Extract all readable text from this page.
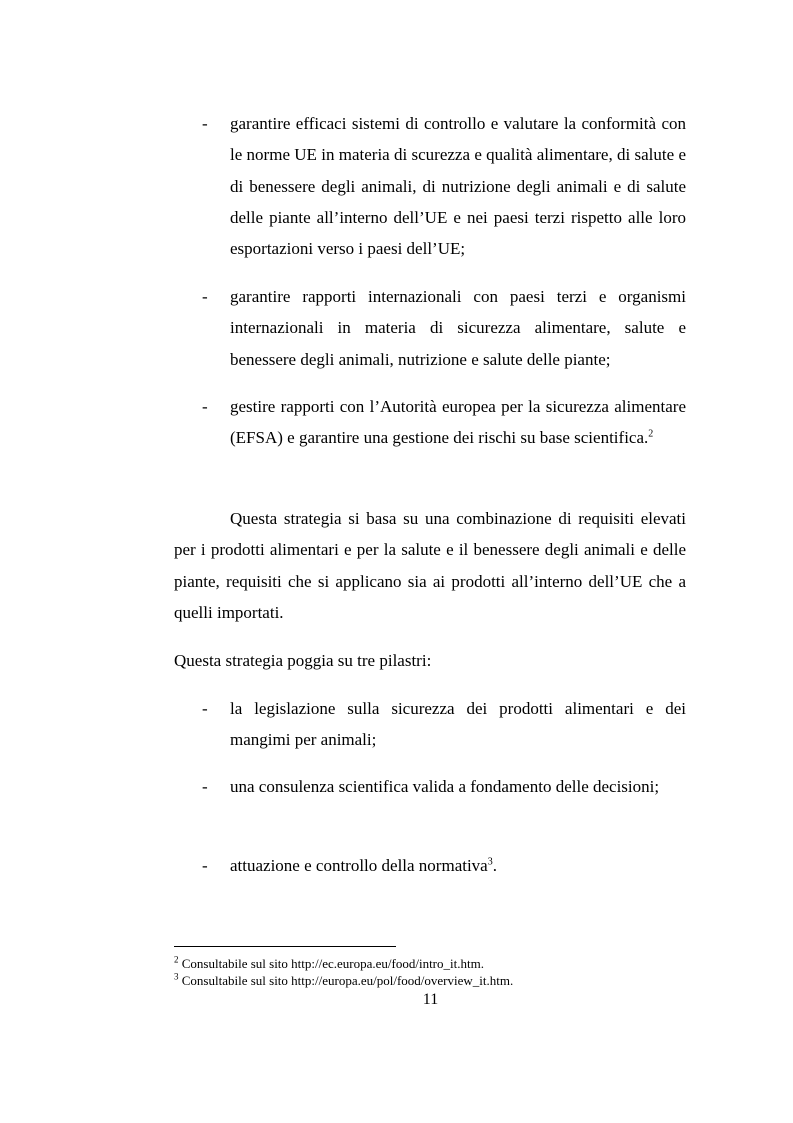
- garantire efficaci sistemi di controllo e valutare la conformità con le norme UE in materia di scurezza e qualità alimentare, di salute e di benessere degli animali, di nutrizione degli animali e di salute delle piante all’interno dell’UE e nei paesi terzi rispetto alle loro esportazioni verso i paesi dell’UE;
- garantire rapporti internazionali con paesi terzi e organismi internazionali in materia di sicurezza alimentare, salute e benessere degli animali, nutrizione e salute delle piante;
- gestire rapporti con l’Autorità europea per la sicurezza alimentare (EFSA) e garantire una gestione dei rischi su base scientifica.$^2$
Questa strategia si basa su una combinazione di requisiti elevati per i prodotti alimentari e per la salute e il benessere degli animali e delle piante, requisiti che si applicano sia ai prodotti all’interno dell’UE che a quelli importati.
Questa strategia poggia su tre pilastri:
- la legislazione sulla sicurezza dei prodotti alimentari e dei mangimi per animali;
- una consulenza scientifica valida a fondamento delle decisioni;
- attuazione e controllo della normativa$^3$.
$^2$ Consultabile sul sito http://ec.europa.eu/food/intro_it.htm.
$^3$ Consultabile sul sito http://europa.eu/pol/food/overview_it.htm.
11
